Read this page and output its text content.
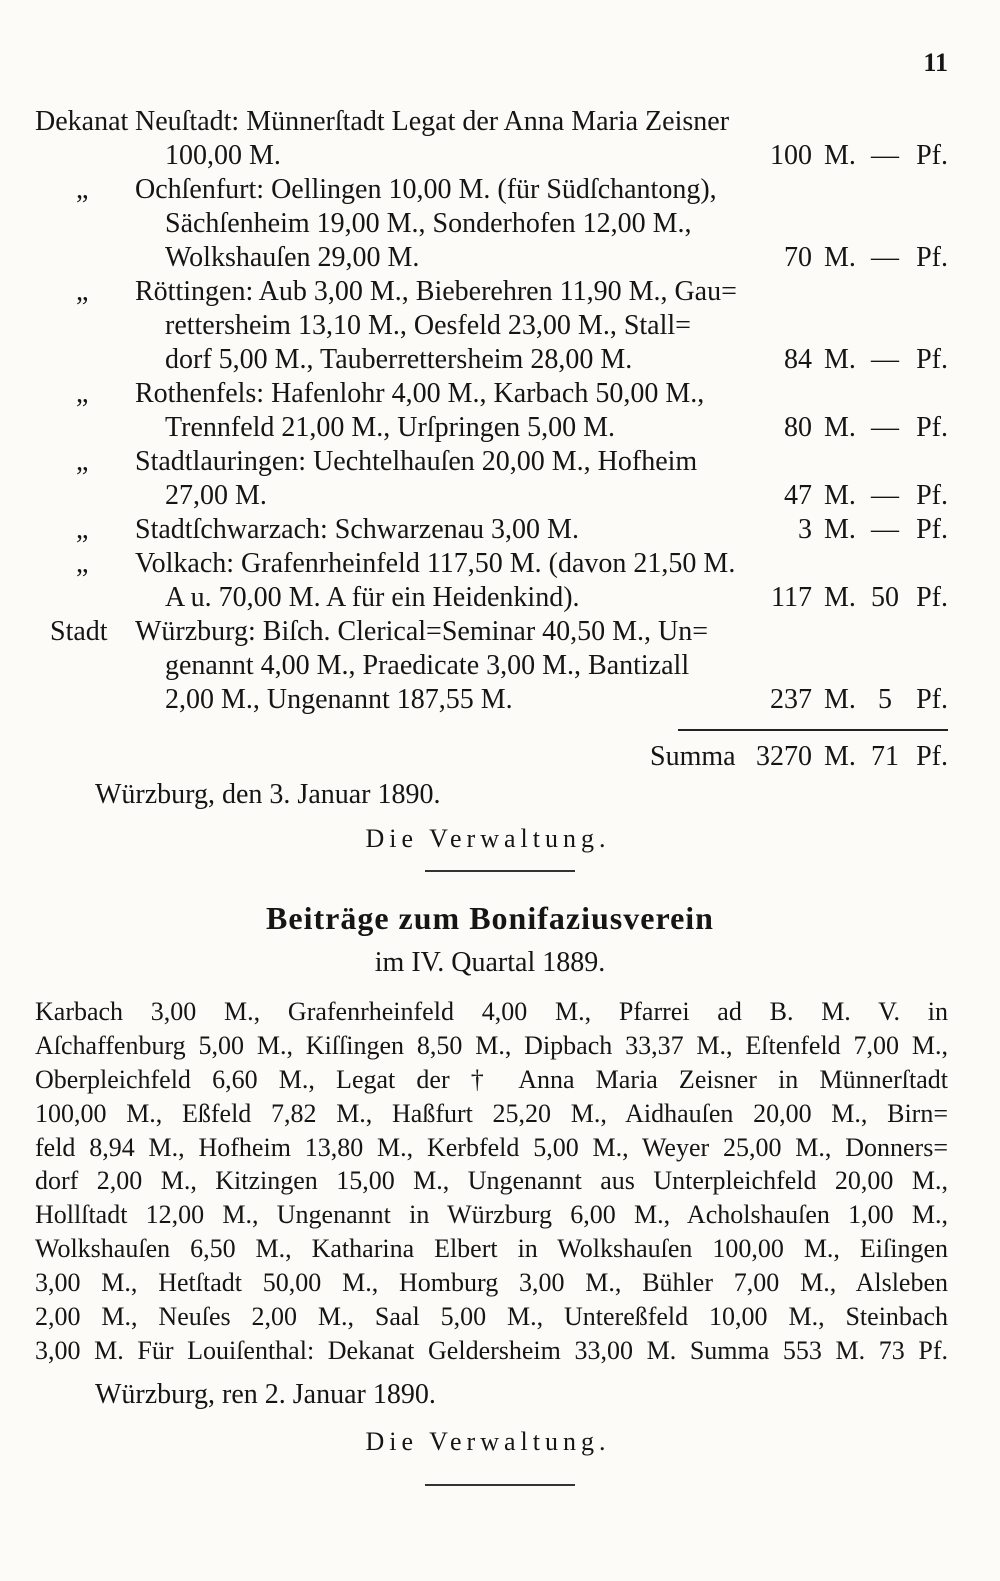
11
Dekanat Neuſtadt: Münnerſtadt Legat der Anna Maria Zeisner
100,00 M.	100 M. — Pf.
„ Ochſenfurt: Oellingen 10,00 M. (für Südſchantong),
Sächſenheim 19,00 M., Sonderhofen 12,00 M.,
Wolkshauſen 29,00 M.	70 M. — Pf.
„ Röttingen: Aub 3,00 M., Bieberehren 11,90 M., Gau=
rettersheim 13,10 M., Oesfeld 23,00 M., Stall=
dorf 5,00 M., Tauberrettersheim 28,00 M.	84 M. — Pf.
„ Rothenfels: Hafenlohr 4,00 M., Karbach 50,00 M.,
Trennfeld 21,00 M., Urſpringen 5,00 M.	80 M. — Pf.
„ Stadtlauringen: Uechtelhauſen 20,00 M., Hofheim
27,00 M.	47 M. — Pf.
„ Stadtſchwarzach: Schwarzenau 3,00 M.	3 M. — Pf.
„ Volkach: Grafenrheinfeld 117,50 M. (davon 21,50 M.
A u. 70,00 M. A für ein Heidenkind).	117 M. 50 Pf.
Stadt Würzburg: Biſch. Clerical=Seminar 40,50 M., Un=
genannt 4,00 M., Praedicate 3,00 M., Bantizall
2,00 M., Ungenannt 187,55 M.	237 M. 5 Pf.
Summa 3270 M. 71 Pf.
Würzburg, den 3. Januar 1890.
Die Verwaltung.
Beiträge zum Bonifaziusverein
im IV. Quartal 1889.
Karbach 3,00 M., Grafenrheinfeld 4,00 M., Pfarrei ad B. M. V. in
Aſchaffenburg 5,00 M., Kiſſingen 8,50 M., Dipbach 33,37 M., Eſtenfeld 7,00 M.,
Oberpleichfeld 6,60 M., Legat der † Anna Maria Zeisner in Münnerſtadt
100,00 M., Eßfeld 7,82 M., Haßfurt 25,20 M., Aidhauſen 20,00 M., Birn=
feld 8,94 M., Hofheim 13,80 M., Kerbfeld 5,00 M., Weyer 25,00 M., Donners=
dorf 2,00 M., Kitzingen 15,00 M., Ungenannt aus Unterpleichfeld 20,00 M.,
Hollſtadt 12,00 M., Ungenannt in Würzburg 6,00 M., Acholshauſen 1,00 M.,
Wolkshauſen 6,50 M., Katharina Elbert in Wolkshauſen 100,00 M., Eiſingen
3,00 M., Hetſtadt 50,00 M., Homburg 3,00 M., Bühler 7,00 M., Alsleben
2,00 M., Neuſes 2,00 M., Saal 5,00 M., Untereßfeld 10,00 M., Steinbach
3,00 M. Für Louiſenthal: Dekanat Geldersheim 33,00 M. Summa 553 M. 73 Pf.
Würzburg, ren 2. Januar 1890.
Die Verwaltung.
